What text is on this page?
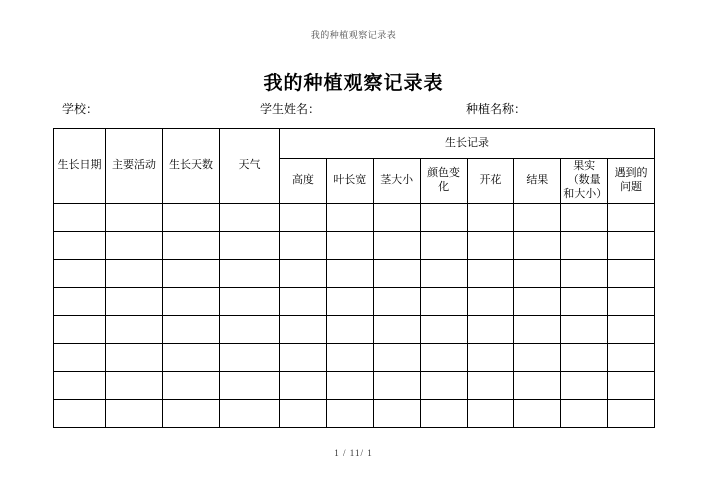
我的种植观察记录表
我的种植观察记录表
学校：	学生姓名：	种植名称：
生长日期	主要活动	生长天数	天气	生长记录							
				高度	叶长宽	茎大小	颜色变化	开花	结果	果实（数量和大小）	遇到的问题

1 / 11/ 1
